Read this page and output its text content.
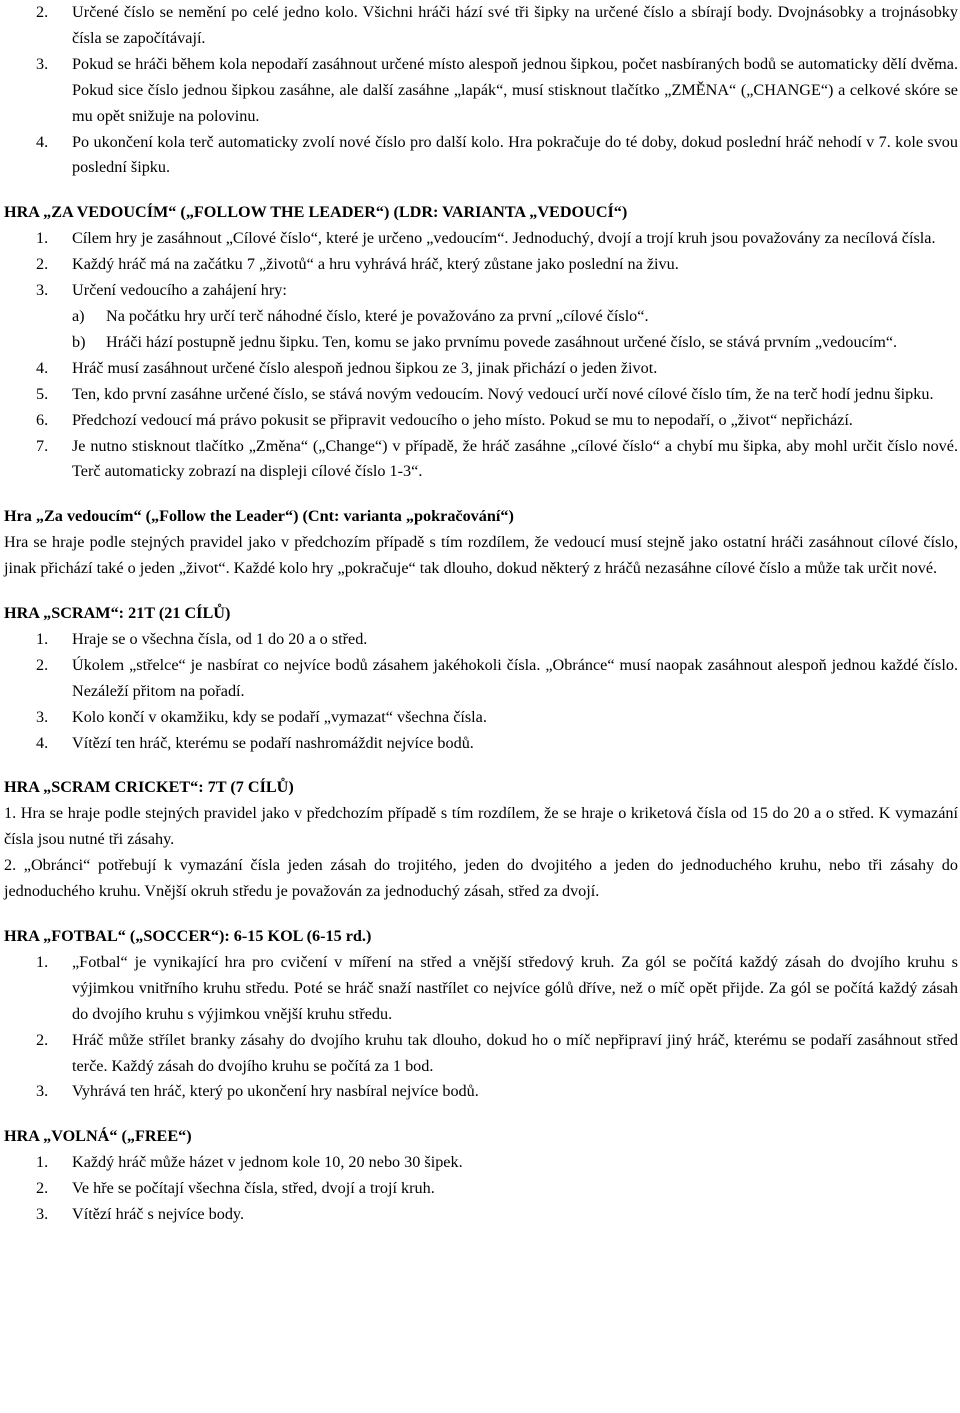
2.	Určené číslo se nemění po celé jedno kolo. Všichni hráči hází své tři šipky na určené číslo a sbírají body. Dvojnásobky a trojnásobky čísla se započítávají.
3.	Pokud se hráči během kola nepodaří zasáhnout určené místo alespoň jednou šipkou, počet nasbíraných bodů se automaticky dělí dvěma. Pokud sice číslo jednou šipkou zasáhne, ale další zasáhne „lapák“, musí stisknout tlačítko „ZMĚNA“ („CHANGE“) a celkové skóre se mu opět snižuje na polovinu.
4.	Po ukončení kola terč automaticky zvolí nové číslo pro další kolo. Hra pokračuje do té doby, dokud poslední hráč nehodí v 7. kole svou poslední šipku.

HRA „ZA VEDOUCÍM“ („FOLLOW THE LEADER“) (LDR: VARIANTA „VEDOUCÍ“)

1.	Cílem hry je zasáhnout „Cílové číslo“, které je určeno „vedoucím“. Jednoduchý, dvojí a trojí kruh jsou považovány za necílová čísla.
2.	Každý hráč má na začátku 7 „životů“ a hru vyhrává hráč, který zůstane jako poslední na živu.
3.	Určení vedoucího a zahájení hry:
a)	Na počátku hry určí terč náhodné číslo, které je považováno za první „cílové číslo“.
b)	Hráči hází postupně jednu šipku. Ten, komu se jako prvnímu povede zasáhnout určené číslo, se stává prvním „vedoucím“.
4.	Hráč musí zasáhnout určené číslo alespoň jednou šipkou ze 3, jinak přichází o jeden život.
5.	Ten, kdo první zasáhne určené číslo, se stává novým vedoucím. Nový vedoucí určí nové cílové číslo tím, že na terč hodí jednu šipku.
6.	Předchozí vedoucí má právo pokusit se připravit vedoucího o jeho místo. Pokud se mu to nepodaří, o „život“ nepřichází.
7.	Je nutno stisknout tlačítko „Změna“ („Change“) v případě, že hráč zasáhne „cílové číslo“ a chybí mu šipka, aby mohl určit číslo nové. Terč automaticky zobrazí na displeji cílové číslo 1-3“.

Hra „Za vedoucím“ („Follow the Leader“) (Cnt: varianta „pokračování“)

Hra se hraje podle stejných pravidel jako v předchozím případě s tím rozdílem, že vedoucí musí stejně jako ostatní hráči zasáhnout cílové číslo, jinak přichází také o jeden „život“. Každé kolo hry „pokračuje“ tak dlouho, dokud některý z hráčů nezasáhne cílové číslo a může tak určit nové.

HRA „SCRAM“: 21T (21 CÍLŮ)

1.	Hraje se o všechna čísla, od 1 do 20 a o střed.
2.	Úkolem „střelce“ je nasbírat co nejvíce bodů zásahem jakéhokoli čísla. „Obránce“ musí naopak zasáhnout alespoň jednou každé číslo. Nezáleží přitom na pořadí.
3.	Kolo končí v okamžiku, kdy se podaří „vymazat“ všechna čísla.
4.	Vítězí ten hráč, kterému se podaří nashromáždit nejvíce bodů.

HRA „SCRAM CRICKET“: 7T (7 CÍLŮ)

1. Hra se hraje podle stejných pravidel jako v předchozím případě s tím rozdílem, že se hraje o kriketová čísla od 15 do 20 a o střed. K vymazání čísla jsou nutné tři zásahy.

2. „Obránci“ potřebují k vymazání čísla jeden zásah do trojitého, jeden do dvojitého a jeden do jednoduchého kruhu, nebo tři zásahy do jednoduchého kruhu. Vnější okruh středu je považován za jednoduchý zásah, střed za dvojí.

HRA „FOTBAL“ („SOCCER“): 6-15 KOL (6-15 rd.)

1.	„Fotbal“ je vynikající hra pro cvičení v míření na střed a vnější středový kruh. Za gól se počítá každý zásah do dvojího kruhu s výjimkou vnitřního kruhu středu. Poté se hráč snaží nastřílet co nejvíce gólů dříve, než o míč opět přijde. Za gól se počítá každý zásah do dvojího kruhu s výjimkou vnější kruhu středu.
2.	Hráč může střílet branky zásahy do dvojího kruhu tak dlouho, dokud ho o míč nepřipraví jiný hráč, kterému se podaří zasáhnout střed terče. Každý zásah do dvojího kruhu se počítá za 1 bod.
3.	Vyhrává ten hráč, který po ukončení hry nasbíral nejvíce bodů.

HRA „VOLNÁ“ („FREE“)

1.	Každý hráč může házet v jednom kole 10, 20 nebo 30 šipek.
2.	Ve hře se počítají všechna čísla, střed, dvojí a trojí kruh.
3.	Vítězí hráč s nejvíce body.
